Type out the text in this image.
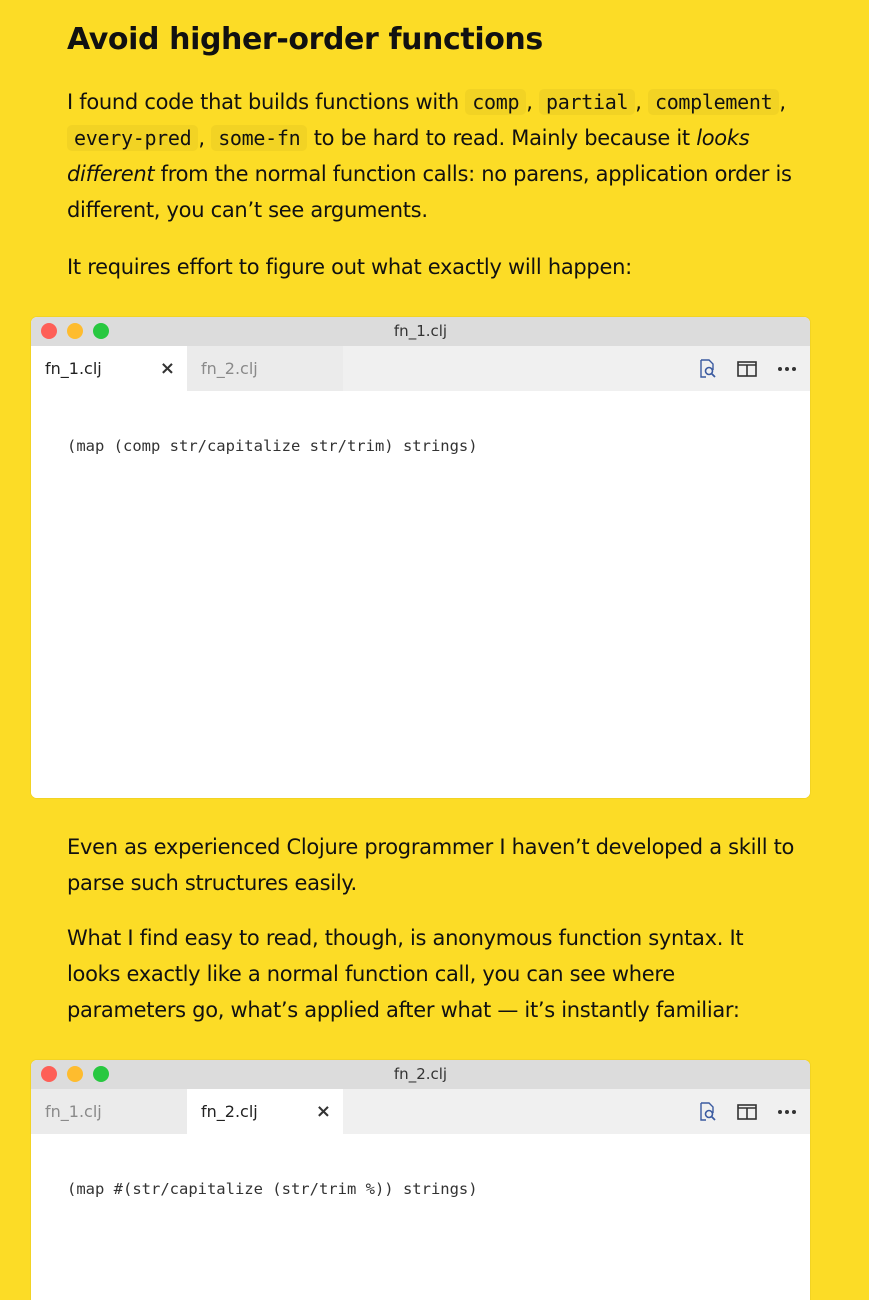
Avoid higher-order functions

I found code that builds functions with comp , partial , complement , every-pred , some-fn to be hard to read. Mainly because it looks different from the normal function calls: no parens, application order is different, you can’t see arguments.

It requires effort to figure out what exactly will happen:

fn_1.clj
fn_1.clj	×	fn_2.clj
(map (comp str/capitalize str/trim) strings)

Even as experienced Clojure programmer I haven’t developed a skill to parse such structures easily.

What I find easy to read, though, is anonymous function syntax. It looks exactly like a normal function call, you can see where parameters go, what’s applied after what — it’s instantly familiar:

fn_2.clj
fn_1.clj	fn_2.clj	×
(map #(str/capitalize (str/trim %)) strings)
